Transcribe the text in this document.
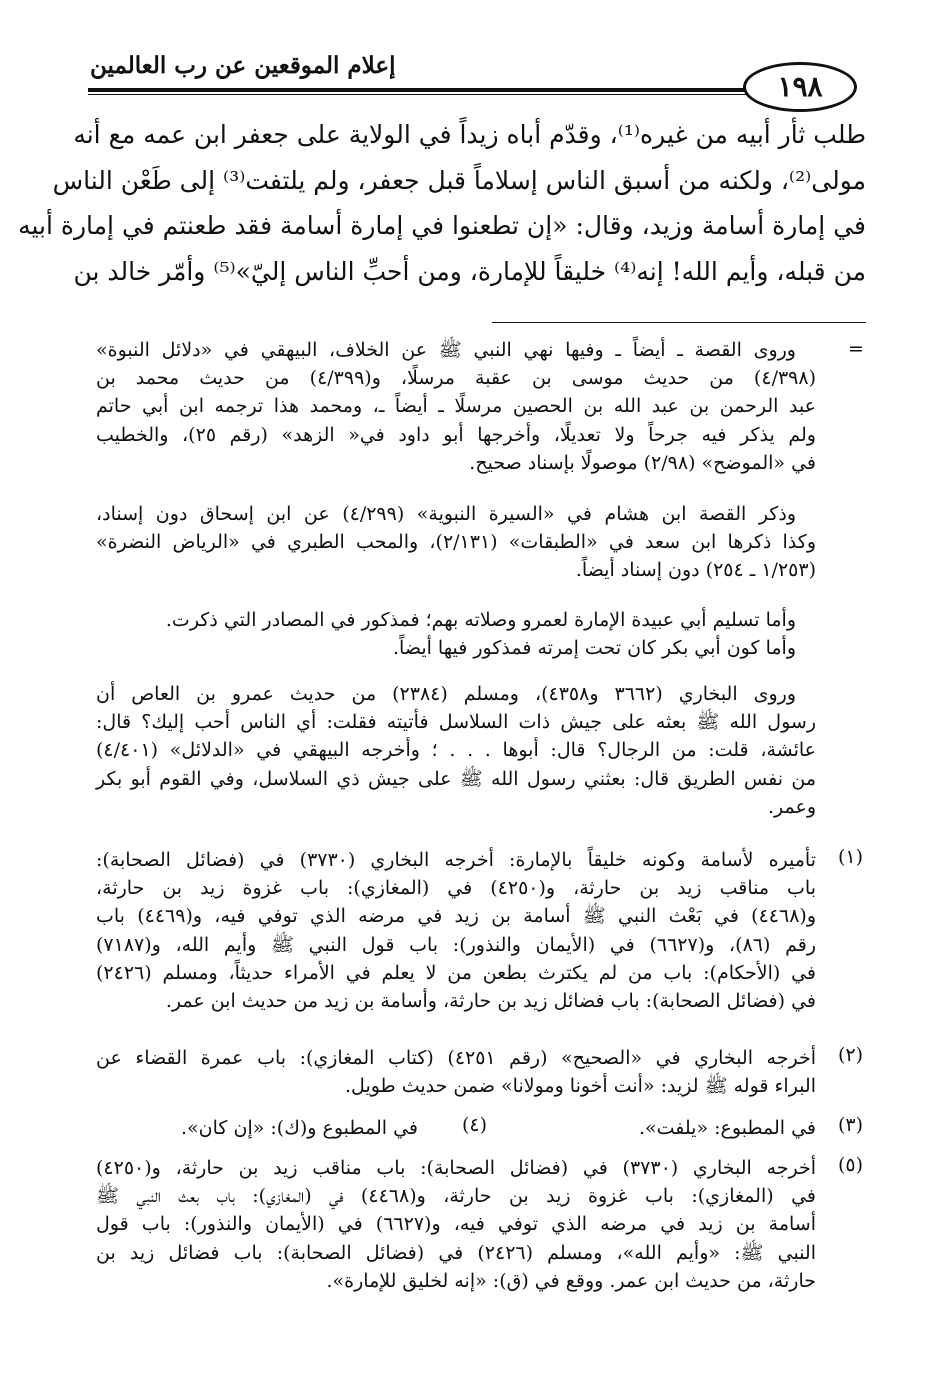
إعلام الموقعين عن رب العالمين
١٩٨
طلب ثأر أبيه من غيره⁽¹⁾، وقدّم أباه زيداً في الولاية على جعفر ابن عمه مع أنه
مولى⁽²⁾، ولكنه من أسبق الناس إسلاماً قبل جعفر، ولم يلتفت⁽³⁾ إلى طَعْن الناس
في إمارة أسامة وزيد، وقال: «إن تطعنوا في إمارة أسامة فقد طعنتم في إمارة أبيه
من قبله، وأيم الله! إنه⁽⁴⁾ خليقاً للإمارة، ومن أحبِّ الناس إليّ»⁽⁵⁾ وأمّر خالد بن
=
وروى القصة ـ أيضاً ـ وفيها نهي النبي ﷺ عن الخلاف، البيهقي في «دلائل النبوة»
(٤/٣٩٨) من حديث موسى بن عقبة مرسلًا، و(٤/٣٩٩) من حديث محمد بن
عبد الرحمن بن عبد الله بن الحصين مرسلًا ـ أيضاً ـ، ومحمد هذا ترجمه ابن أبي حاتم
ولم يذكر فيه جرحاً ولا تعديلًا، وأخرجها أبو داود في« الزهد» (رقم ٢٥)، والخطيب
في «الموضح» (٢/٩٨) موصولًا بإسناد صحيح.
وذكر القصة ابن هشام في «السيرة النبوية» (٤/٢٩٩) عن ابن إسحاق دون إسناد،
وكذا ذكرها ابن سعد في «الطبقات» (٢/١٣١)، والمحب الطبري في «الرياض النضرة»
(١/٢٥٣ ـ ٢٥٤) دون إسناد أيضاً.
وأما تسليم أبي عبيدة الإمارة لعمرو وصلاته بهم؛ فمذكور في المصادر التي ذكرت.
وأما كون أبي بكر كان تحت إمرته فمذكور فيها أيضاً.
وروى البخاري (٣٦٦٢ و٤٣٥٨)، ومسلم (٢٣٨٤) من حديث عمرو بن العاص أن
رسول الله ﷺ بعثه على جيش ذات السلاسل فأتيته فقلت: أي الناس أحب إليك؟ قال:
عائشة، قلت: من الرجال؟ قال: أبوها . . . ؛ وأخرجه البيهقي في «الدلائل» (٤/٤٠١)
من نفس الطريق قال: بعثني رسول الله ﷺ على جيش ذي السلاسل، وفي القوم أبو بكر
وعمر.
(١)
تأميره لأسامة وكونه خليقاً بالإمارة: أخرجه البخاري (٣٧٣٠) في (فضائل الصحابة):
باب مناقب زيد بن حارثة، و(٤٢٥٠) في (المغازي): باب غزوة زيد بن حارثة،
و(٤٤٦٨) في بَعْث النبي ﷺ أسامة بن زيد في مرضه الذي توفي فيه، و(٤٤٦٩) باب
رقم (٨٦)، و(٦٦٢٧) في (الأيمان والنذور): باب قول النبي ﷺ وأيم الله، و(٧١٨٧)
في (الأحكام): باب من لم يكترث بطعن من لا يعلم في الأمراء حديثاً، ومسلم (٢٤٢٦)
في (فضائل الصحابة): باب فضائل زيد بن حارثة، وأسامة بن زيد من حديث ابن عمر.
(٢)
أخرجه البخاري في «الصحيح» (رقم ٤٢٥١) (كتاب المغازي): باب عمرة القضاء عن
البراء قوله ﷺ لزيد: «أنت أخونا ومولانا» ضمن حديث طويل.
(٣)
في المطبوع: «يلفت».
(٤)
في المطبوع و(ك): «إن كان».
(٥)
أخرجه البخاري (٣٧٣٠) في (فضائل الصحابة): باب مناقب زيد بن حارثة، و(٤٢٥٠)
في (المغازي): باب غزوة زيد بن حارثة، و(٤٤٦٨) في (المغازي): باب بعث النبي ﷺ
أسامة بن زيد في مرضه الذي توفي فيه، و(٦٦٢٧) في (الأيمان والنذور): باب قول
النبي ﷺ: «وأيم الله»، ومسلم (٢٤٢٦) في (فضائل الصحابة): باب فضائل زيد بن
حارثة، من حديث ابن عمر. ووقع في (ق): «إنه لخليق للإمارة».
